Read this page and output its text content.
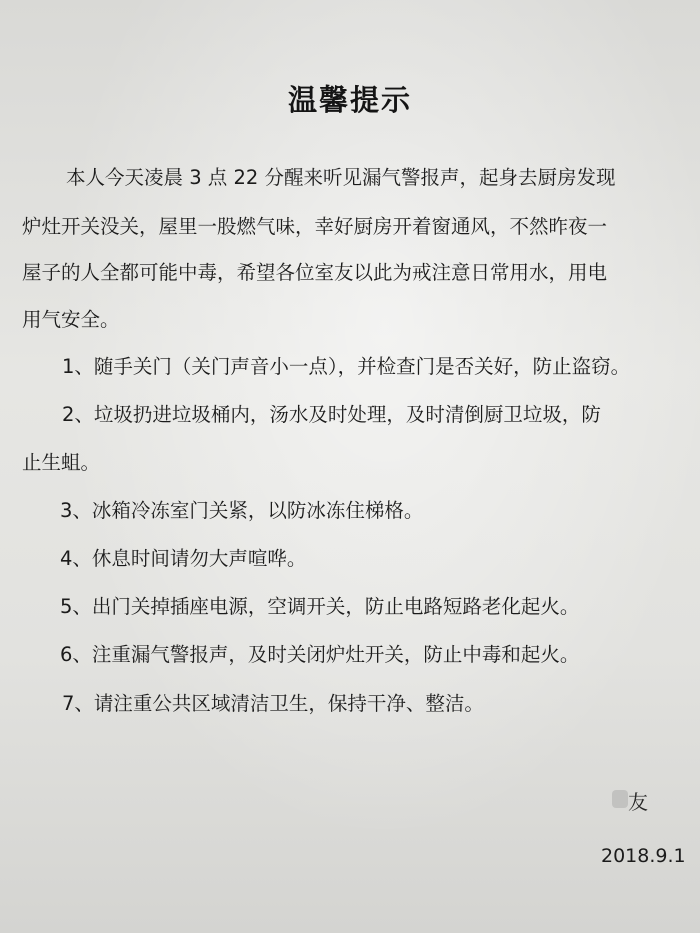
温馨提示
本人今天凌晨 3 点 22 分醒来听见漏气警报声，起身去厨房发现
炉灶开关没关，屋里一股燃气味，幸好厨房开着窗通风，不然昨夜一
屋子的人全都可能中毒，希望各位室友以此为戒注意日常用水，用电
用气安全。
1、随手关门（关门声音小一点），并检查门是否关好，防止盗窃。
2、垃圾扔进垃圾桶内，汤水及时处理，及时清倒厨卫垃圾，防
止生蛆。
3、冰箱冷冻室门关紧，以防冰冻住梯格。
4、休息时间请勿大声喧哗。
5、出门关掉插座电源，空调开关，防止电路短路老化起火。
6、注重漏气警报声，及时关闭炉灶开关，防止中毒和起火。
7、请注重公共区域清洁卫生，保持干净、整洁。
友
2018.9.1
